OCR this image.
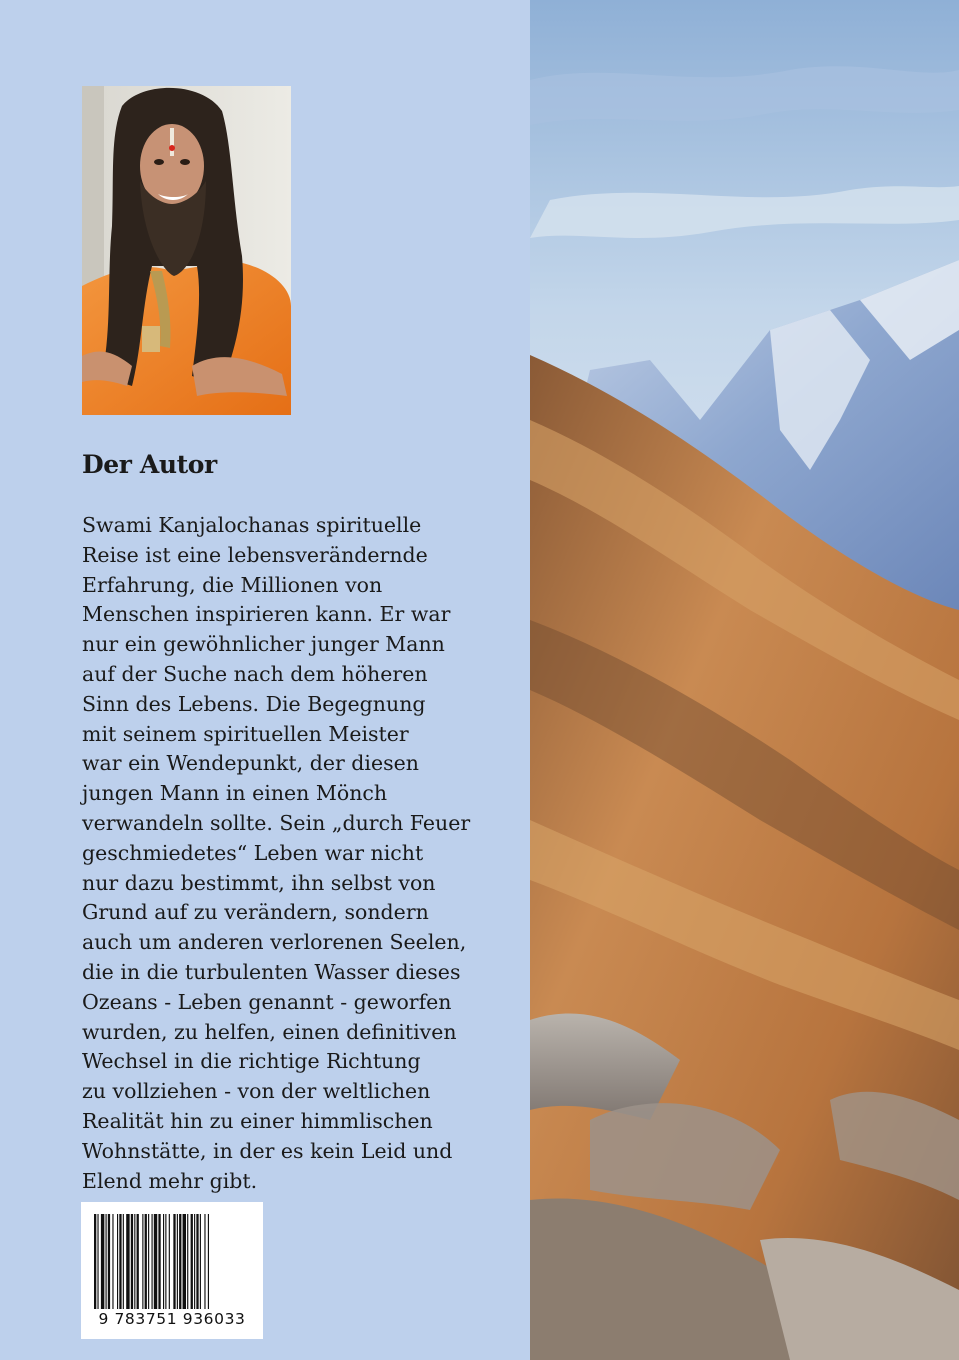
Der Autor

Swami Kanjalochanas spirituelle
Reise ist eine lebensverändernde
Erfahrung, die Millionen von
Menschen inspirieren kann. Er war
nur ein gewöhnlicher junger Mann
auf der Suche nach dem höheren
Sinn des Lebens. Die Begegnung
mit seinem spirituellen Meister
war ein Wendepunkt, der diesen
jungen Mann in einen Mönch
verwandeln sollte. Sein „durch Feuer
geschmiedetes“ Leben war nicht
nur dazu bestimmt, ihn selbst von
Grund auf zu verändern, sondern
auch um anderen verlorenen Seelen,
die in die turbulenten Wasser dieses
Ozeans - Leben genannt - geworfen
wurden, zu helfen, einen definitiven
Wechsel in die richtige Richtung
zu vollziehen - von der weltlichen
Realität hin zu einer himmlischen
Wohnstätte, in der es kein Leid und
Elend mehr gibt.

9 783751 936033
